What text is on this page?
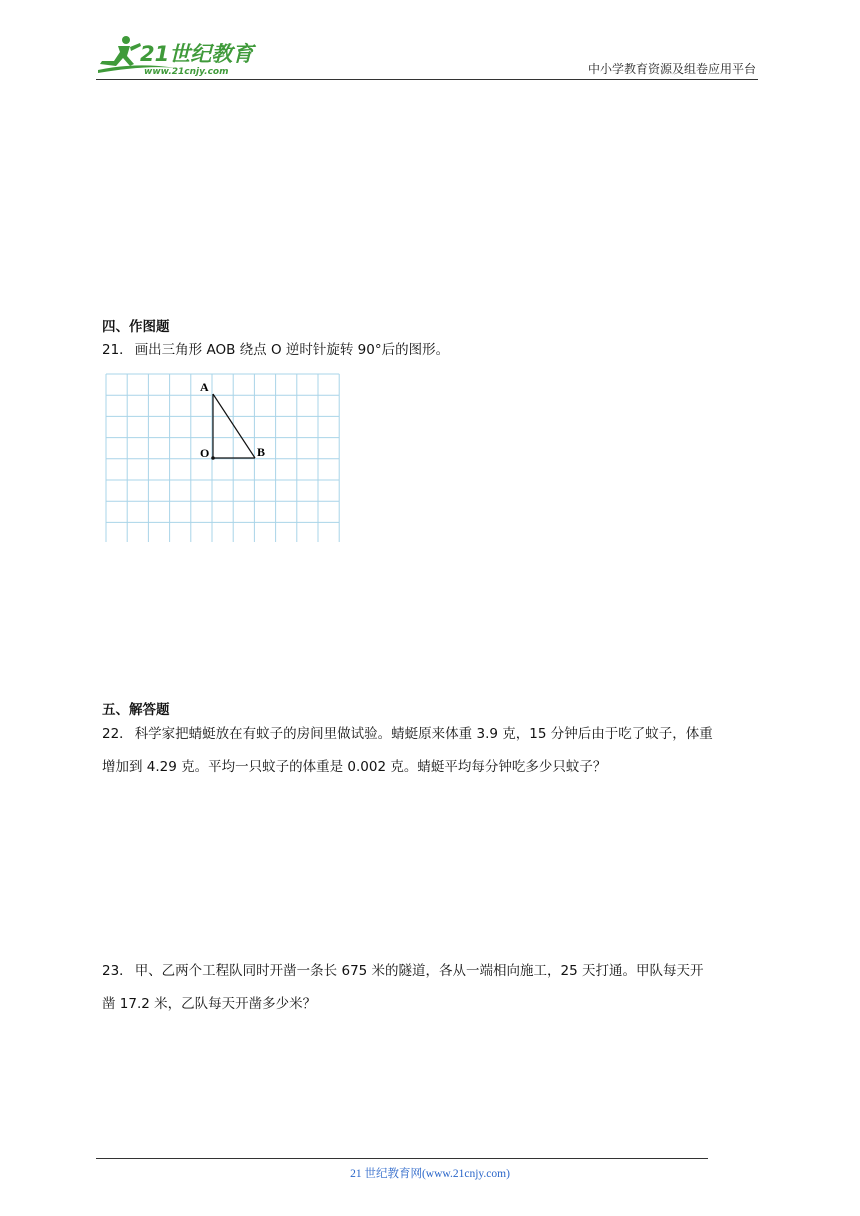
21世纪教育
www.21cnjy.com	中小学教育资源及组卷应用平台
四、作图题
21． 画出三角形 AOB 绕点 O 逆时针旋转 90°后的图形。
A
O	B
五、解答题
22． 科学家把蜻蜓放在有蚊子的房间里做试验。蜻蜓原来体重 3.9 克，15 分钟后由于吃了蚊子，体重
增加到 4.29 克。平均一只蚊子的体重是 0.002 克。蜻蜓平均每分钟吃多少只蚊子？
23． 甲、乙两个工程队同时开凿一条长 675 米的隧道，各从一端相向施工，25 天打通。甲队每天开
凿 17.2 米，乙队每天开凿多少米？
21 世纪教育网(www.21cnjy.com)
